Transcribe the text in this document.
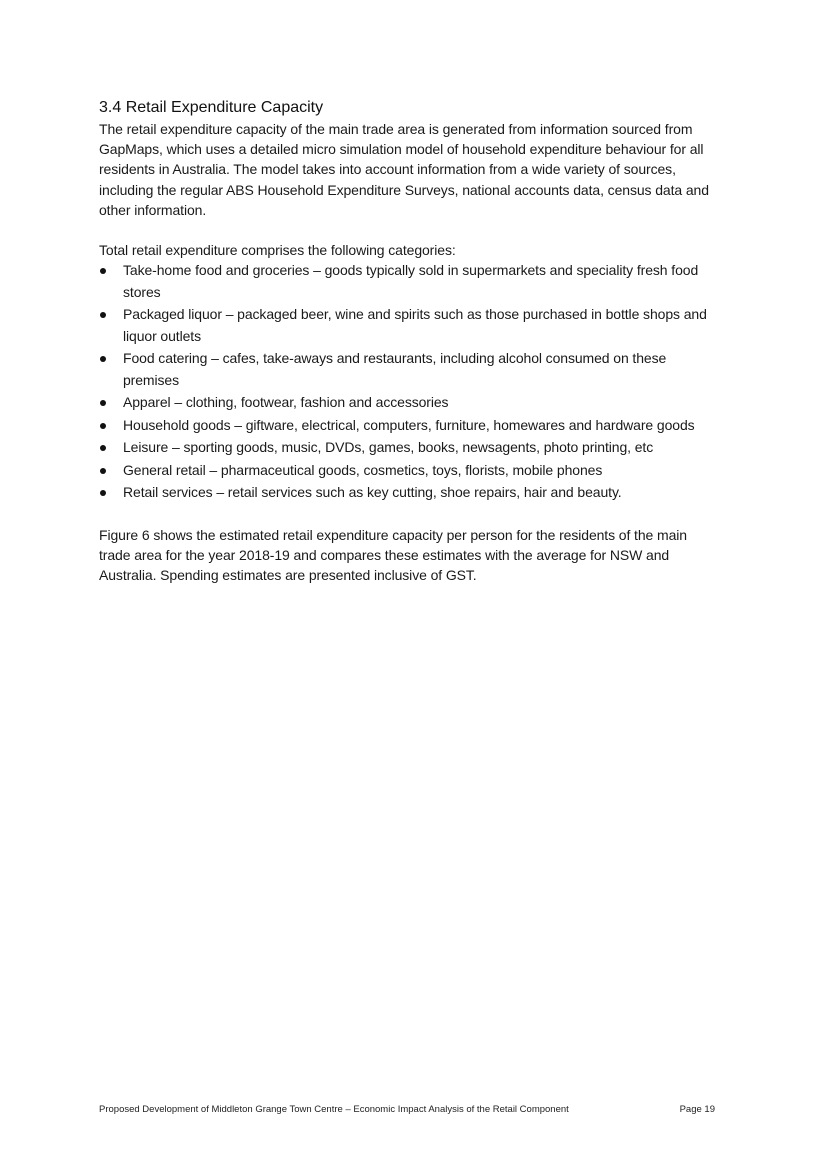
3.4 Retail Expenditure Capacity

The retail expenditure capacity of the main trade area is generated from information sourced from GapMaps, which uses a detailed micro simulation model of household expenditure behaviour for all residents in Australia. The model takes into account information from a wide variety of sources, including the regular ABS Household Expenditure Surveys, national accounts data, census data and other information.

Total retail expenditure comprises the following categories:

Take-home food and groceries – goods typically sold in supermarkets and speciality fresh food stores
Packaged liquor – packaged beer, wine and spirits such as those purchased in bottle shops and liquor outlets
Food catering – cafes, take-aways and restaurants, including alcohol consumed on these premises
Apparel – clothing, footwear, fashion and accessories
Household goods – giftware, electrical, computers, furniture, homewares and hardware goods
Leisure – sporting goods, music, DVDs, games, books, newsagents, photo printing, etc
General retail – pharmaceutical goods, cosmetics, toys, florists, mobile phones
Retail services – retail services such as key cutting, shoe repairs, hair and beauty.

Figure 6 shows the estimated retail expenditure capacity per person for the residents of the main trade area for the year 2018-19 and compares these estimates with the average for NSW and Australia. Spending estimates are presented inclusive of GST.

Proposed Development of Middleton Grange Town Centre – Economic Impact Analysis of the Retail Component	Page 19
